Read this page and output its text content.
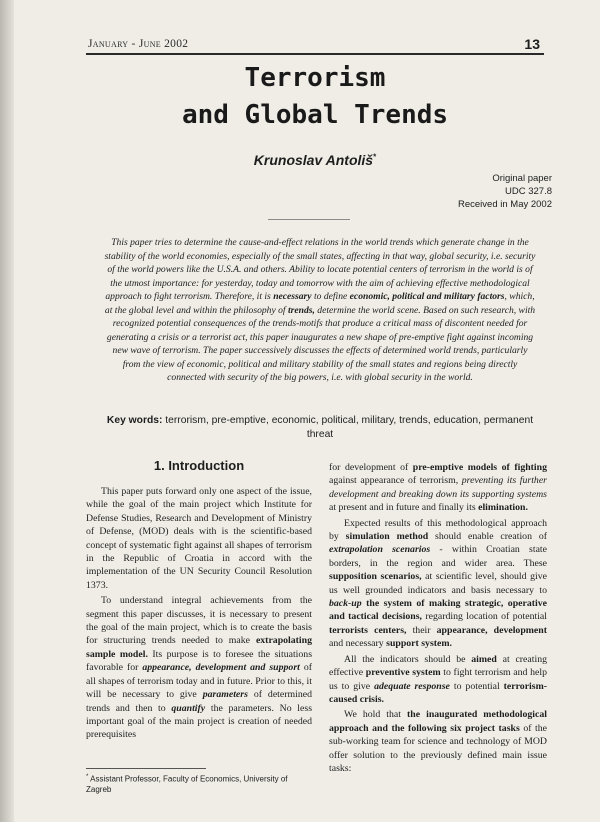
January - June 2002	13
Terrorism
and Global Trends
Krunoslav Antoliš*
Original paper
UDC 327.8
Received in May 2002
This paper tries to determine the cause-and-effect relations in the world trends which generate change in the stability of the world economies, especially of the small states, affecting in that way, global security, i.e. security of the world powers like the U.S.A. and others. Ability to locate potential centers of terrorism in the world is of the utmost importance: for yesterday, today and tomorrow with the aim of achieving effective methodological approach to fight terrorism. Therefore, it is necessary to define economic, political and military factors, which, at the global level and within the philosophy of trends, determine the world scene. Based on such research, with recognized potential consequences of the trends-motifs that produce a critical mass of discontent needed for generating a crisis or a terrorist act, this paper inaugurates a new shape of pre-emptive fight against incoming new wave of terrorism. The paper successively discusses the effects of determined world trends, particularly from the view of economic, political and military stability of the small states and regions being directly connected with security of the big powers, i.e. with global security in the world.
Key words: terrorism, pre-emptive, economic, political, military, trends, education, permanent threat
1. Introduction

This paper puts forward only one aspect of the issue, while the goal of the main project which Institute for Defense Studies, Research and Development of Ministry of Defense, (MOD) deals with is the scientific-based concept of systematic fight against all shapes of terrorism in the Republic of Croatia in accord with the implementation of the UN Security Council Resolution 1373.

To understand integral achievements from the segment this paper discusses, it is necessary to present the goal of the main project, which is to create the basis for structuring trends needed to make extrapolating sample model. Its purpose is to foresee the situations favorable for appearance, development and support of all shapes of terrorism today and in future. Prior to this, it will be necessary to give parameters of determined trends and then to quantify the parameters. No less important goal of the main project is creation of needed prerequisites

for development of pre-emptive models of fighting against appearance of terrorism, preventing its further development and breaking down its supporting systems at present and in future and finally its elimination.

Expected results of this methodological approach by simulation method should enable creation of extrapolation scenarios - within Croatian state borders, in the region and wider area. These supposition scenarios, at scientific level, should give us well grounded indicators and basis necessary to back-up the system of making strategic, operative and tactical decisions, regarding location of potential terrorists centers, their appearance, development and necessary support system.

All the indicators should be aimed at creating effective preventive system to fight terrorism and help us to give adequate response to potential terrorism-caused crisis.

We hold that the inaugurated methodological approach and the following six project tasks of the sub-working team for science and technology of MOD offer solution to the previously defined main issue tasks:

* Assistant Professor, Faculty of Economics, University of Zagreb
